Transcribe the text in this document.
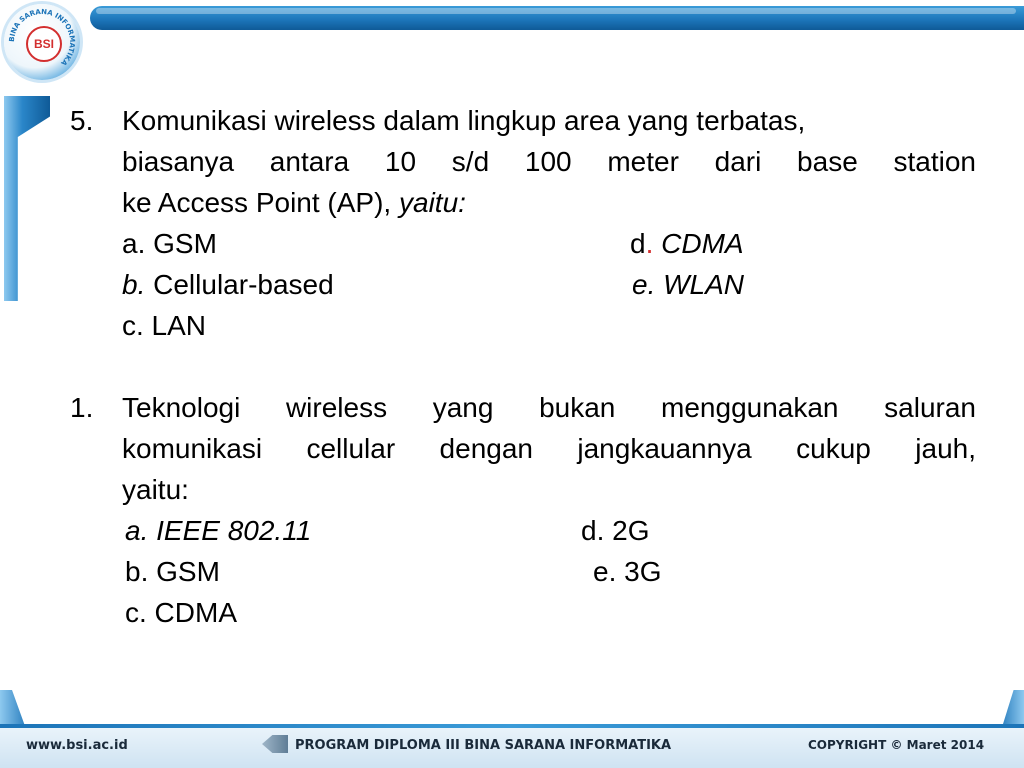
BINA SARANA INFORMATIKA
BSI
5. Komunikasi wireless dalam lingkup area yang terbatas,
biasanya antara 10 s/d 100 meter dari base station
ke Access Point (AP), yaitu:
a. GSM	d. CDMA
b. Cellular-based	e. WLAN
c. LAN
1. Teknologi wireless yang bukan menggunakan saluran
komunikasi cellular dengan jangkauannya cukup jauh,
yaitu:
a. IEEE 802.11	d. 2G
b. GSM	e. 3G
c. CDMA
www.bsi.ac.id	PROGRAM DIPLOMA III BINA SARANA INFORMATIKA	COPYRIGHT © Maret 2014
